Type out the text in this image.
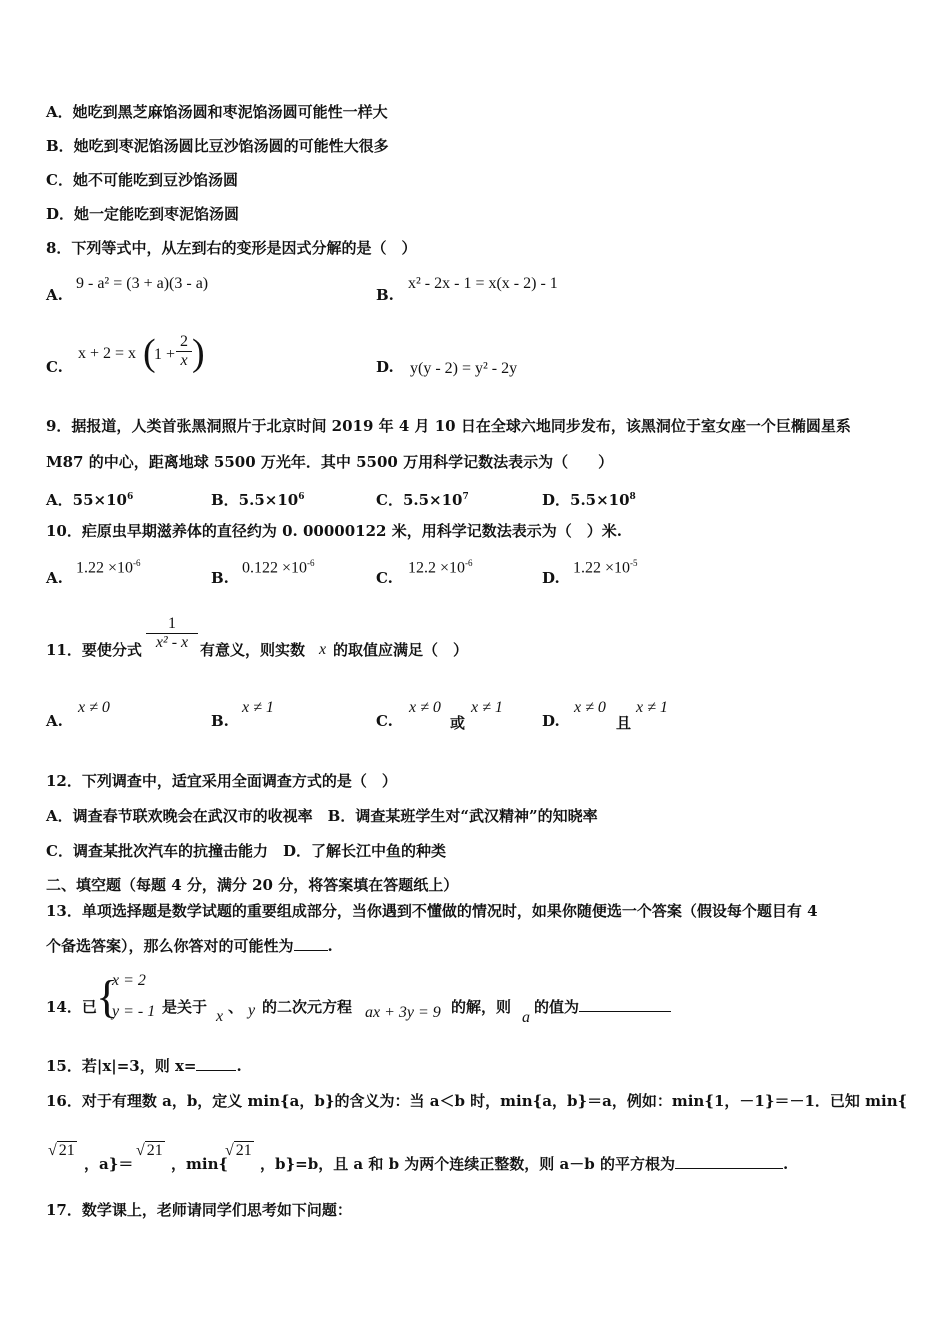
A．她吃到黑芝麻馅汤圆和枣泥馅汤圆可能性一样大
B．她吃到枣泥馅汤圆比豆沙馅汤圆的可能性大很多
C．她不可能吃到豆沙馅汤圆
D．她一定能吃到枣泥馅汤圆
8．下列等式中，从左到右的变形是因式分解的是（　）
A.
9 - a² = (3 + a)(3 - a)
B.
x² - 2x - 1 = x(x - 2) - 1
C.
x + 2 = x (
$1 + \frac{2}{x}$ )	D. y(y - 2) = y² - 2y
9．据报道，人类首张黑洞照片于北京时间 2019 年 4 月 10 日在全球六地同步发布，该黑洞位于室女座一个巨椭圆星系
M87 的中心，距离地球 5500 万光年．其中 5500 万用科学记数法表示为（　　）
A．$55\times 10^6$	B．$5.5\times 10^6$	C．$5.5\times 10^7$	D．$5.5\times 10^8$
10．疟原虫早期滋养体的直径约为 0. 00000122 米，用科学记数法表示为（　）米.
A.
$1.22 \times 10^{-6}$
B.
$0.122 \times 10^{-6}$
C.
$12.2 \times 10^{-6}$
D.
$1.22 \times 10^{-5}$
11．要使分式 $\frac{1}{\text{x² - x}}$ 有意义，则实数 x 的取值应满足（　）
A.
x ≠ 0
B.
x ≠ 1
C.
x ≠ 0
或
x ≠ 1
D.
x ≠ 0
且
x ≠ 1
12．下列调查中，适宜采用全面调查方式的是（　）
A．调查春节联欢晚会在武汉市的收视率　B．调查某班学生对“武汉精神”的知晓率
C．调查某批次汽车的抗撞击能力　D．了解长江中鱼的种类
二、填空题（每题 4 分，满分 20 分，将答案填在答题纸上）
13．单项选择题是数学试题的重要组成部分，当你遇到不懂做的情况时，如果你随便选一个答案（假设每个题目有 4
个备选答案），那么你答对的可能性为 .
14．已 {
x = 2
y = - 1 是关于
x
、 y 的二次元方程 ax + 3y = 9 的解，则
a
的值为
15．若|x|=3，则 x=	.
16．对于有理数 a，b，定义 min{a，b}的含义为：当 a＜b 时，min{a，b}＝a，例如：min{1，－1}＝－1．已知 min{
√ 21
，a}＝
√ 21
，min{
√ 21
，b}=b，且 a 和 b 为两个连续正整数，则 a－b 的平方根为	.
17．数学课上，老师请同学们思考如下问题：
